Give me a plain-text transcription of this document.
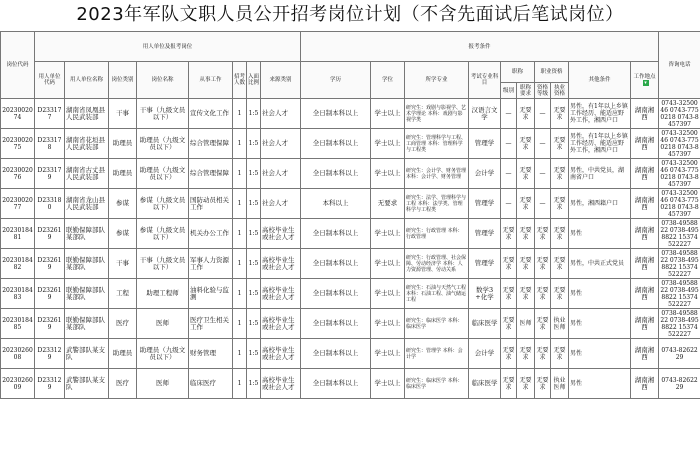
2023年军队文职人员公开招考岗位计划（不含先面试后笔试岗位）
岗位代码	用人单位及报考岗位								报考条件										咨询电话
	用人单位代码	用人单位名称	岗位类别	岗位名称	从事工作	招考人数	入面比例	来源类别	学历	学位	所学专业	考试专业科目	职称		职业资格		其他条件	工作地点▾	
													级别	职称要求	资格等级	执业资格			
2023002074	D233177	湖南省凤凰县人民武装部	干事	干事（九级文员以下）	宣传文化工作	1	1:5	社会人才	全日制本科以上	学士以上	研究生：戏剧与影视学、艺术学理论 本科：戏剧与影视学类	汉语言文学	—	无要求	—	无要求	男性，有1年以上乡镇工作经历、能适应野外工作，湘西户口	湖南湘西	0743-3250046 0743-7750218 0743-8457397
2023002075	D233178	湖南省花垣县人民武装部	助理员	助理员（九级文员以下）	综合管理保障	1	1:5	社会人才	全日制本科以上	学士以上	研究生：管理科学与工程、工商管理 本科：管理科学与工程类	管理学	—	无要求	—	无要求	男性，有1年以上乡镇工作经历、能适应野外工作，湘西户口	湖南湘西	0743-3250046 0743-7750218 0743-8457397
2023002076	D233179	湖南省古丈县人民武装部	助理员	助理员（九级文员以下）	综合管理保障	1	1:5	社会人才	全日制本科以上	学士以上	研究生：会计学、财务管理 本科：会计学、财务管理	会计学	—	无要求	—	无要求	男性，中共党员，湖南省户口	湖南湘西	0743-3250046 0743-7750218 0743-8457397
2023002077	D233180	湖南省龙山县人民武装部	参谋	参谋（九级文员以下）	国防动员相关工作	1	1:5	社会人才	本科以上	无要求	研究生：法学、管理科学与工程 本科：法学类、管理科学与工程类	管理学	—	无要求	—	无要求	男性，湘西籍户口	湖南湘西	0743-3250046 0743-7750218 0743-8457397
2023018481	D232619	联勤保障部队某部队	参谋	参谋（九级文员以下）	机关办公工作	1	1:5	高校毕业生或社会人才	全日制本科以上	学士以上	研究生：行政管理 本科：行政管理	管理学	无要求	无要求	无要求	无要求	男性	湖南湘西	0738-4958822 0738-4958822 15374522227
2023018482	D232619	联勤保障部队某部队	干事	干事（九级文员以下）	军事人力资源工作	1	1:5	高校毕业生或社会人才	全日制本科以上	学士以上	研究生：行政管理、社会保障、劳动经济学 本科：人力资源管理、劳动关系	管理学	无要求	无要求	无要求	无要求	男性，中共正式党员	湖南湘西	0738-4958822 0738-4958822 15374522227
2023018483	D232619	联勤保障部队某部队	工程	助理工程师	油料化验与监测	1	1:5	高校毕业生或社会人才	全日制本科以上	学士以上	研究生：石油与天然气工程 本科：石油工程、油气储运工程	数学3+化学	无要求	无要求	无要求	无要求	男性	湖南湘西	0738-4958822 0738-4958822 15374522227
2023018485	D232619	联勤保障部队某部队	医疗	医师	医疗卫生相关工作	1	1:5	高校毕业生或社会人才	全日制本科以上	学士以上	研究生：临床医学 本科：临床医学	临床医学	无要求	医师	无要求	执业医师	男性	湖南湘西	0738-4958822 0738-4958822 15374522227
2023026008	D233129	武警部队某支队	助理员	助理员（九级文员以下）	财务管理	1	1:5	高校毕业生或社会人才	全日制本科以上	学士以上	研究生：管理学 本科：会计学	会计学	无要求	无要求	无要求	无要求	男性	湖南湘西	0743-8262229
2023026009	D233129	武警部队某支队	医疗	医师	临床医疗	1	1:5	高校毕业生或社会人才	全日制本科以上	学士以上	研究生：临床医学 本科：临床医学	临床医学	无要求	无要求	无要求	执业医师	男性	湖南湘西	0743-8262229
